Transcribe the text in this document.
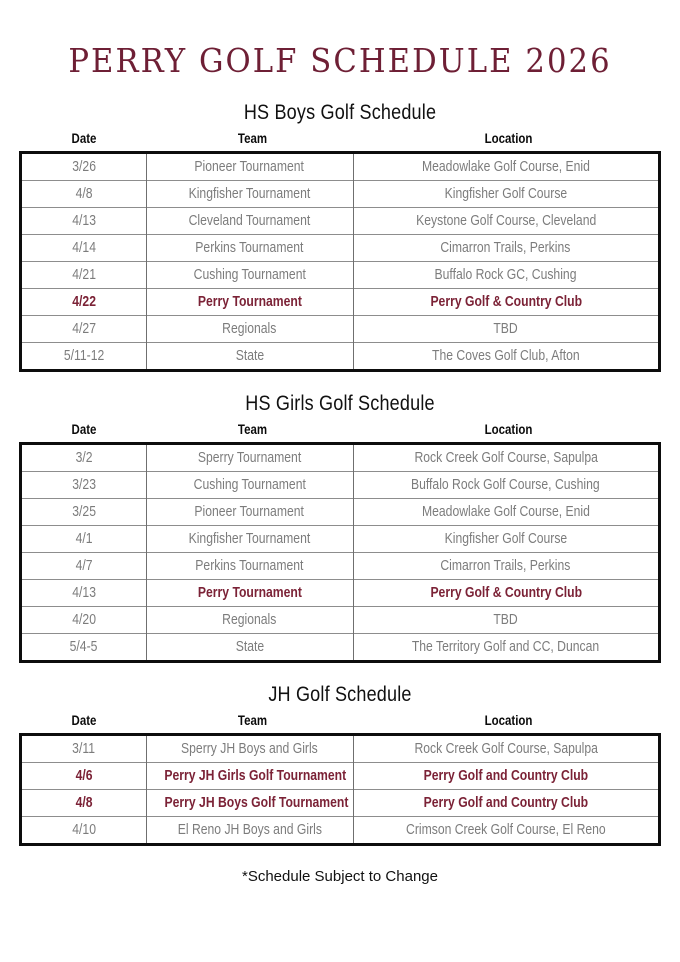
PERRY GOLF SCHEDULE 2026
HS Boys Golf Schedule
Date	Team	Location
3/26	Pioneer Tournament	Meadowlake Golf Course, Enid
4/8	Kingfisher Tournament	Kingfisher Golf Course
4/13	Cleveland Tournament	Keystone Golf Course, Cleveland
4/14	Perkins Tournament	Cimarron Trails, Perkins
4/21	Cushing Tournament	Buffalo Rock GC, Cushing
4/22	Perry Tournament	Perry Golf & Country Club
4/27	Regionals	TBD
5/11-12	State	The Coves Golf Club, Afton
HS Girls Golf Schedule
Date	Team	Location
3/2	Sperry Tournament	Rock Creek Golf Course, Sapulpa
3/23	Cushing Tournament	Buffalo Rock Golf Course, Cushing
3/25	Pioneer Tournament	Meadowlake Golf Course, Enid
4/1	Kingfisher Tournament	Kingfisher Golf Course
4/7	Perkins Tournament	Cimarron Trails, Perkins
4/13	Perry Tournament	Perry Golf & Country Club
4/20	Regionals	TBD
5/4-5	State	The Territory Golf and CC, Duncan
JH Golf Schedule
Date	Team	Location
3/11	Sperry JH Boys and Girls	Rock Creek Golf Course, Sapulpa
4/6	Perry JH Girls Golf Tournament	Perry Golf and Country Club
4/8	Perry JH Boys Golf Tournament	Perry Golf and Country Club
4/10	El Reno JH Boys and Girls	Crimson Creek Golf Course, El Reno
*Schedule Subject to Change
